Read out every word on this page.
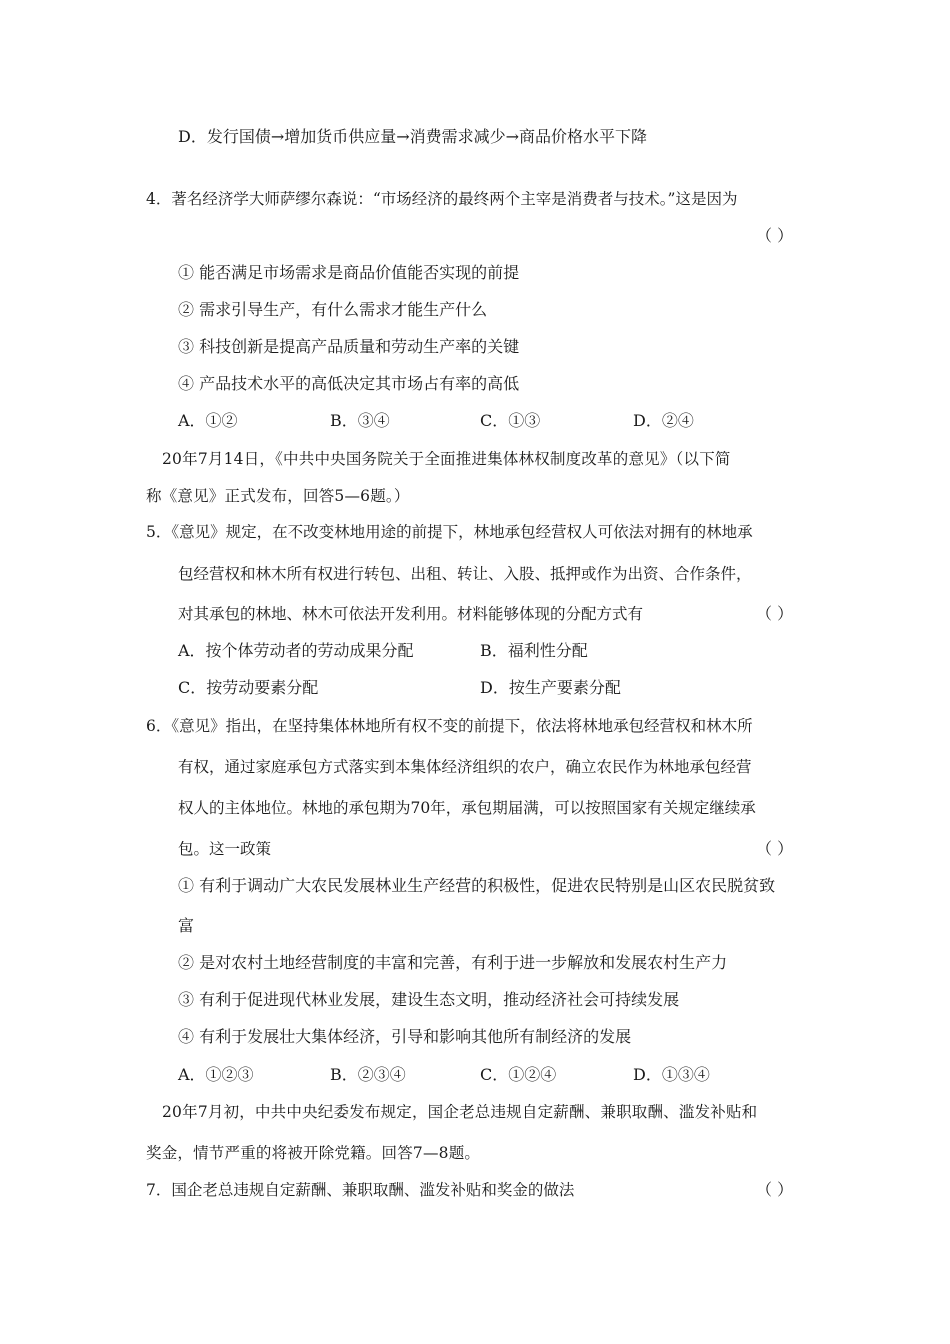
D．发行国债→增加货币供应量→消费需求减少→商品价格水平下降
4．著名经济学大师萨缪尔森说：“市场经济的最终两个主宰是消费者与技术。”这是因为
（ ）
① 能否满足市场需求是商品价值能否实现的前提
② 需求引导生产，有什么需求才能生产什么
③ 科技创新是提高产品质量和劳动生产率的关键
④ 产品技术水平的高低决定其市场占有率的高低
A．①②	B．③④	C．①③	D．②④
20年7月14日，《中共中央国务院关于全面推进集体林权制度改革的意见》（以下简
称《意见》正式发布，回答5—6题。）
5．《意见》规定，在不改变林地用途的前提下，林地承包经营权人可依法对拥有的林地承
包经营权和林木所有权进行转包、出租、转让、入股、抵押或作为出资、合作条件，
对其承包的林地、林木可依法开发利用。材料能够体现的分配方式有	（ ）
A．按个体劳动者的劳动成果分配	B．福利性分配
C．按劳动要素分配	D．按生产要素分配
6．《意见》指出，在坚持集体林地所有权不变的前提下，依法将林地承包经营权和林木所
有权，通过家庭承包方式落实到本集体经济组织的农户，确立农民作为林地承包经营
权人的主体地位。林地的承包期为70年，承包期届满，可以按照国家有关规定继续承
包。这一政策	（ ）
① 有利于调动广大农民发展林业生产经营的积极性，促进农民特别是山区农民脱贫致
富
② 是对农村土地经营制度的丰富和完善，有利于进一步解放和发展农村生产力
③ 有利于促进现代林业发展，建设生态文明，推动经济社会可持续发展
④ 有利于发展壮大集体经济，引导和影响其他所有制经济的发展
A．①②③	B．②③④	C．①②④	D．①③④
20年7月初，中共中央纪委发布规定，国企老总违规自定薪酬、兼职取酬、滥发补贴和
奖金，情节严重的将被开除党籍。回答7—8题。
7．国企老总违规自定薪酬、兼职取酬、滥发补贴和奖金的做法	（ ）
